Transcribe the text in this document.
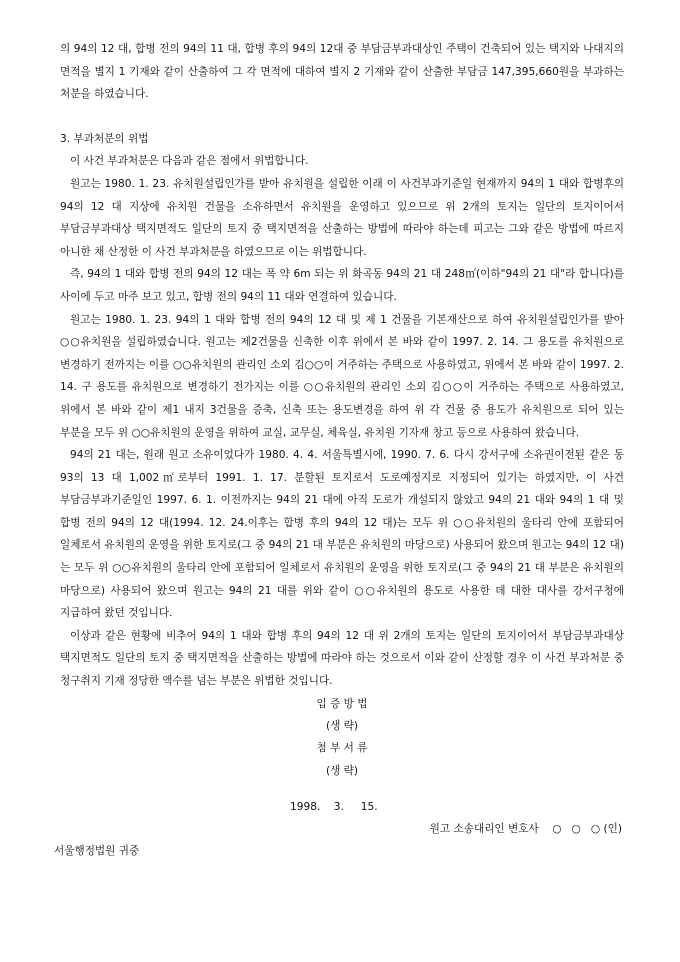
의 94의 12 대, 합병 전의 94의 11 대, 합병 후의 94의 12대 중 부담금부과대상인 주택이 건축되어 있는 택지와 나대지의 면적을 별지 1 기재와 같이 산출하여 그 각 면적에 대하여 별지 2 기재와 같이 산출한 부담금 147,395,660원을 부과하는 처분을 하였습니다.

3. 부과처분의 위법

이 사건 부과처분은 다음과 같은 점에서 위법합니다.

원고는 1980. 1. 23. 유치원설립인가를 받아 유치원을 설립한 이래 이 사건부과기준일 현재까지 94의 1 대와 합병후의 94의 12 대 지상에 유치원 건물을 소유하면서 유치원을 운영하고 있으므로 위 2개의 토지는 일단의 토지이어서 부담금부과대상 택지면적도 일단의 토지 중 택지면적을 산출하는 방법에 따라야 하는데 피고는 그와 같은 방법에 따르지 아니한 채 산정한 이 사건 부과처분을 하였으므로 이는 위법합니다.

즉, 94의 1 대와 합병 전의 94의 12 대는 폭 약 6m 되는 위 화곡동 94의 21 대 248㎡(이하"94의 21 대"라 합니다)를 사이에 두고 마주 보고 있고, 합병 전의 94의 11 대와 연결하여 있습니다.

원고는 1980. 1. 23. 94의 1 대와 합병 전의 94의 12 대 및 제 1 건물을 기본재산으로 하여 유치원설립인가를 받아 ○○유치원을 설립하였습니다. 원고는 제2건물을 신축한 이후 위에서 본 바와 같이 1997. 2. 14. 그 용도를 유치원으로 변경하기 전까지는 이를 ○○유치원의 관리인 소외 김○○이 거주하는 주택으로 사용하였고, 위에서 본 바와 같이 1997. 2. 14. 구 용도를 유치원으로 변경하기 전가지는 이를 ○○유치원의 관리인 소외 김○○이 거주하는 주택으로 사용하였고, 위에서 본 바와 같이 제1 내지 3건물을 증축, 신축 또는 용도변경을 하여 위 각 건물 중 용도가 유치원으로 되어 있는 부분을 모두 위 ○○유치원의 운영을 위하여 교실, 교무실, 체육실, 유치원 기자재 창고 등으로 사용하여 왔습니다.

94의 21 대는, 원래 원고 소유이었다가 1980. 4. 4. 서울특별시에, 1990. 7. 6. 다시 강서구에 소유권이전된 같은 동 93의 13 대 1,002㎡로부터 1991. 1. 17. 분할된 토지로서 도로예정지로 지정되어 있기는 하였지만, 이 사건 부담금부과기준일인 1997. 6. 1. 이전까지는 94의 21 대에 아직 도로가 개설되지 않았고 94의 21 대와 94의 1 대 및 합병 전의 94의 12 대(1994. 12. 24.이후는 합병 후의 94의 12 대)는 모두 위 ○○유치원의 울타리 안에 포함되어 일체로서 유치원의 운영을 위한 토지로(그 중 94의 21 대 부분은 유치원의 마당으로) 사용되어 왔으며 원고는 94의 12 대)는 모두 위 ○○유치원의 울타리 안에 포함되어 일체로서 유치원의 운영을 위한 토지로(그 중 94의 21 대 부분은 유치원의 마당으로) 사용되어 왔으며 원고는 94의 21 대를 위와 같이 ○○유치원의 용도로 사용한 데 대한 대사를 강서구청에 지급하여 왔던 것입니다.

이상과 같은 현황에 비추어 94의 1 대와 합병 후의 94의 12 대 위 2개의 토지는 일단의 토지이어서 부담금부과대상 택지면적도 일단의 토지 중 택지면적을 산출하는 방법에 따라야 하는 것으로서 이와 같이 산정할 경우 이 사건 부과처분 중 청구취지 기재 정당한 액수를 넘는 부분은 위법한 것입니다.

입 증 방 법

(생 략)

첨 부 서 류

(생 략)

1998.    3.     15.
원고 소송대리인 변호사    ○   ○   ○ (인)
서울행정법원 귀중
